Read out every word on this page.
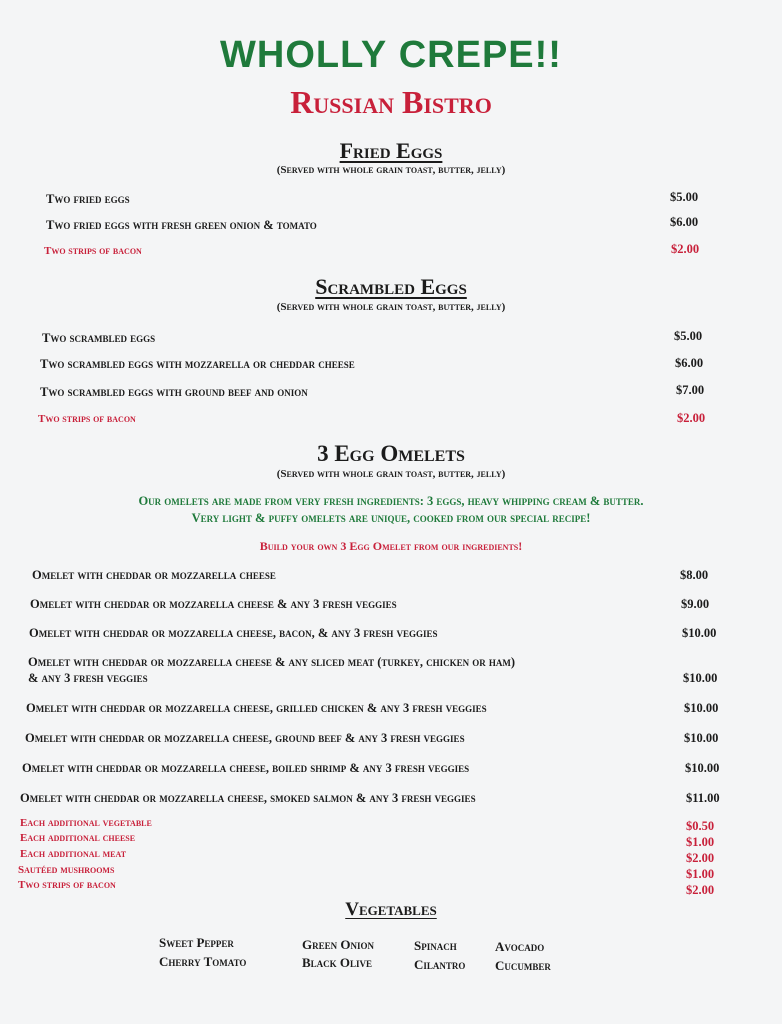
WHOLLY CREPE!!
Russian Bistro
Fried Eggs
(Served with whole grain toast, butter, jelly)
Two fried eggs	$5.00
Two fried eggs with fresh green onion & tomato	$6.00
Two strips of bacon	$2.00
Scrambled Eggs
(Served with whole grain toast, butter, jelly)
Two scrambled eggs	$5.00
Two scrambled eggs with mozzarella or cheddar cheese	$6.00
Two scrambled eggs with ground beef and onion	$7.00
Two strips of bacon	$2.00
3 Egg Omelets
(Served with whole grain toast, butter, jelly)
Our omelets are made from very fresh ingredients: 3 eggs, heavy whipping cream & butter.
Very light & puffy omelets are unique, cooked from our special recipe!
Build your own 3 Egg Omelet from our ingredients!
Omelet with cheddar or mozzarella cheese	$8.00
Omelet with cheddar or mozzarella cheese & any 3 fresh veggies	$9.00
Omelet with cheddar or mozzarella cheese, bacon, & any 3 fresh veggies	$10.00
Omelet with cheddar or mozzarella cheese & any sliced meat (turkey, chicken or ham)
& any 3 fresh veggies	$10.00
Omelet with cheddar or mozzarella cheese, grilled chicken & any 3 fresh veggies	$10.00
Omelet with cheddar or mozzarella cheese, ground beef & any 3 fresh veggies	$10.00
Omelet with cheddar or mozzarella cheese, boiled shrimp & any 3 fresh veggies	$10.00
Omelet with cheddar or mozzarella cheese, smoked salmon & any 3 fresh veggies	$11.00
Each additional vegetable	$0.50
Each additional cheese	$1.00
Each additional meat	$2.00
Sautéed mushrooms	$1.00
Two strips of bacon	$2.00
Vegetables
Sweet Pepper
Cherry Tomato
Green Onion
Black Olive
Spinach
Cilantro
Avocado
Cucumber
